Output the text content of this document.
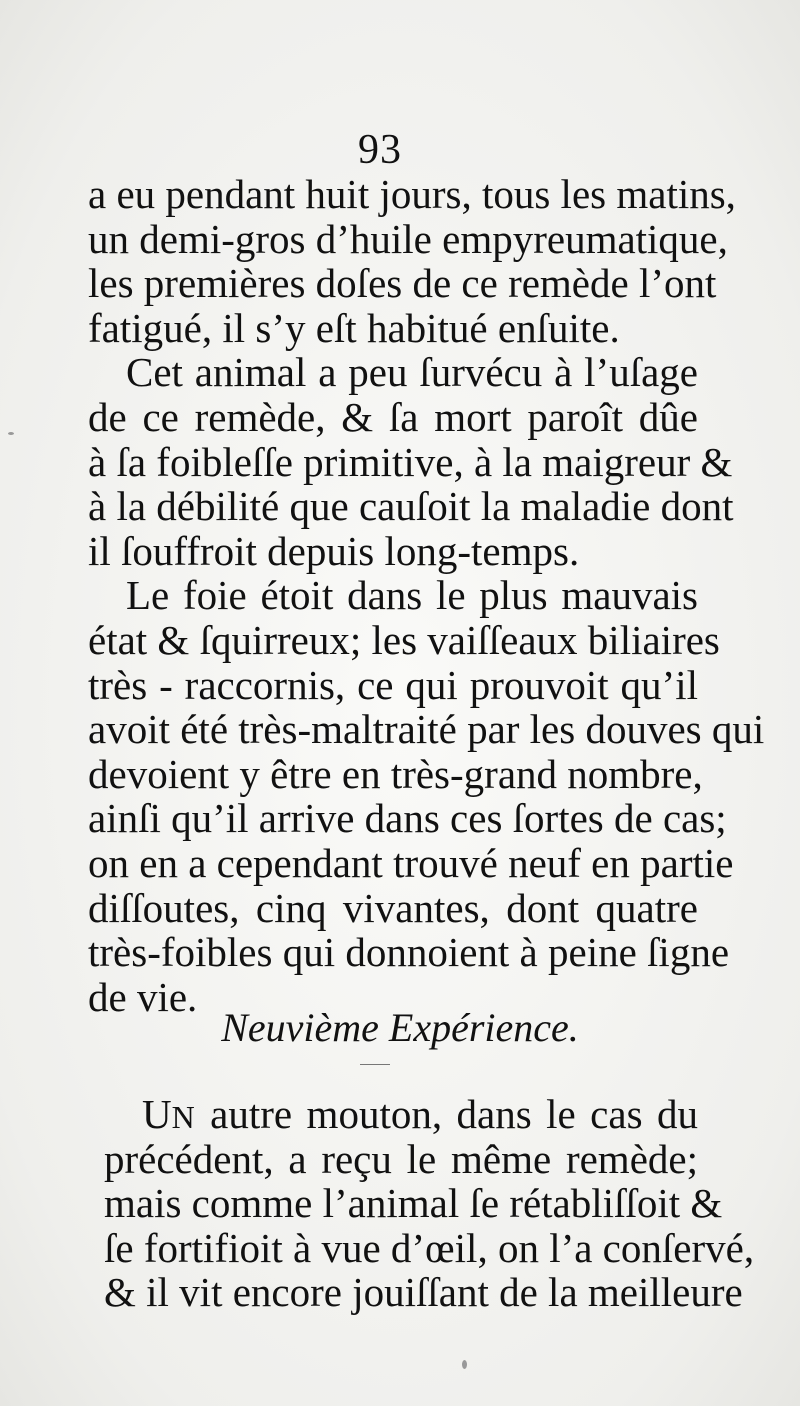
93
a eu pendant huit jours, tous les matins,
un demi-gros d’huile empyreumatique,
les premières doſes de ce remède l’ont
fatigué, il s’y eſt habitué enſuite.
Cet animal a peu ſurvécu à l’uſage
de ce remède, & ſa mort paroît dûe
à ſa foibleſſe primitive, à la maigreur &
à la débilité que cauſoit la maladie dont
il ſouffroit depuis long-temps.
Le foie étoit dans le plus mauvais
état & ſquirreux; les vaiſſeaux biliaires
très - raccornis, ce qui prouvoit qu’il
avoit été très-maltraité par les douves qui
devoient y être en très-grand nombre,
ainſi qu’il arrive dans ces ſortes de cas;
on en a cependant trouvé neuf en partie
diſſoutes, cinq vivantes, dont quatre
très-foibles qui donnoient à peine ſigne
de vie.
Neuvième Expérience.
UN autre mouton, dans le cas du
précédent, a reçu le même remède;
mais comme l’animal ſe rétabliſſoit &
ſe fortifioit à vue d’œil, on l’a conſervé,
& il vit encore jouiſſant de la meilleure
